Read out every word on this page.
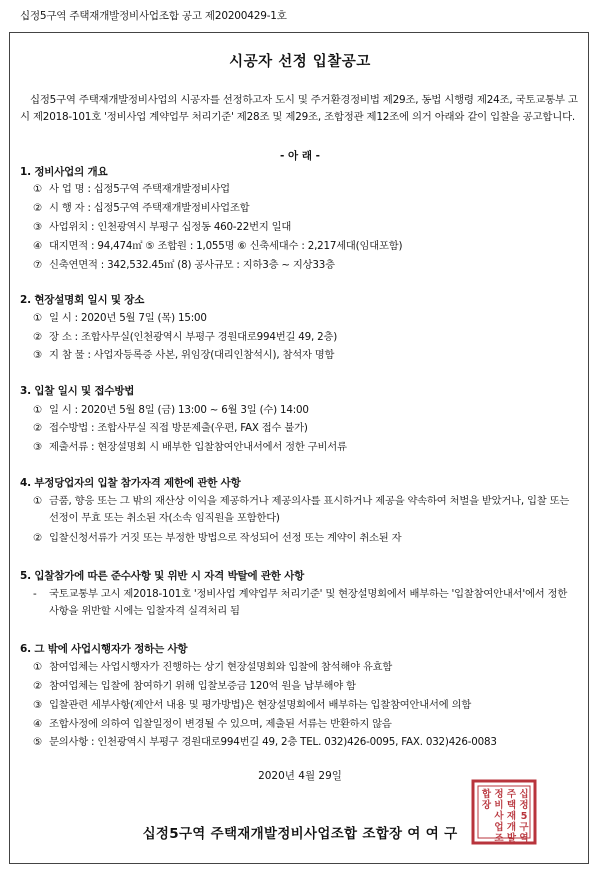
십정5구역 주택재개발정비사업조합 공고 제20200429-1호
시공자 선정 입찰공고
십정5구역 주택재개발정비사업의 시공자를 선정하고자 도시 및 주거환경정비법 제29조, 동법 시행령 제24조, 국토교통부 고시 제2018-101호 '정비사업 계약업무 처리기준' 제28조 및 제29조, 조합정관 제12조에 의거 아래와 같이 입찰을 공고합니다.
- 아 래 -
1. 정비사업의 개요
① 사 업 명 : 십정5구역 주택재개발정비사업
② 시 행 자 : 십정5구역 주택재개발정비사업조합
③ 사업위치 : 인천광역시 부평구 십정동 460-22번지 일대
④ 대지면적 : 94,474㎡ ⑤ 조합원 : 1,055명 ⑥ 신축세대수 : 2,217세대(임대포함)
⑦ 신축연면적 : 342,532.45㎡ (8) 공사규모 : 지하3층 ~ 지상33층
2. 현장설명회 일시 및 장소
① 일 시 : 2020년 5월 7일 (목) 15:00
② 장 소 : 조합사무실(인천광역시 부평구 경원대로994번길 49, 2층)
③ 지 참 물 : 사업자등록증 사본, 위임장(대리인참석시), 참석자 명함
3. 입찰 일시 및 접수방법
① 일 시 : 2020년 5월 8일 (금) 13:00 ~ 6월 3일 (수) 14:00
② 접수방법 : 조합사무실 직접 방문제출(우편, FAX 접수 불가)
③ 제출서류 : 현장설명회 시 배부한 입찰참여안내서에서 정한 구비서류
4. 부정당업자의 입찰 참가자격 제한에 관한 사항
① 금품, 향응 또는 그 밖의 재산상 이익을 제공하거나 제공의사를 표시하거나 제공을 약속하여 처벌을 받았거나, 입찰 또는 선정이 무효 또는 취소된 자(소속 임직원을 포함한다)
② 입찰신청서류가 거짓 또는 부정한 방법으로 작성되어 선정 또는 계약이 취소된 자
5. 입찰참가에 따른 준수사항 및 위반 시 자격 박탈에 관한 사항
- 국토교통부 고시 제2018-101호 '정비사업 계약업무 처리기준' 및 현장설명회에서 배부하는 '입찰참여안내서'에서 정한 사항을 위반할 시에는 입찰자격 실격처리 됨
6. 그 밖에 사업시행자가 정하는 사항
① 참여업체는 사업시행자가 진행하는 상기 현장설명회와 입찰에 참석해야 유효함
② 참여업체는 입찰에 참여하기 위해 입찰보증금 120억 원을 납부해야 함
③ 입찰관련 세부사항(제안서 내용 및 평가방법)은 현장설명회에서 배부하는 입찰참여안내서에 의함
④ 조합사정에 의하여 입찰일정이 변경될 수 있으며, 제출된 서류는 반환하지 않음
⑤ 문의사항 : 인천광역시 부평구 경원대로994번길 49, 2층 TEL. 032)426-0095, FAX. 032)426-0083
2020년 4월 29일
십
정
5
구
역
주
택
재
개
발
정
비
사
업
조
합
장
십정5구역 주택재개발정비사업조합 조합장 여 여 구
